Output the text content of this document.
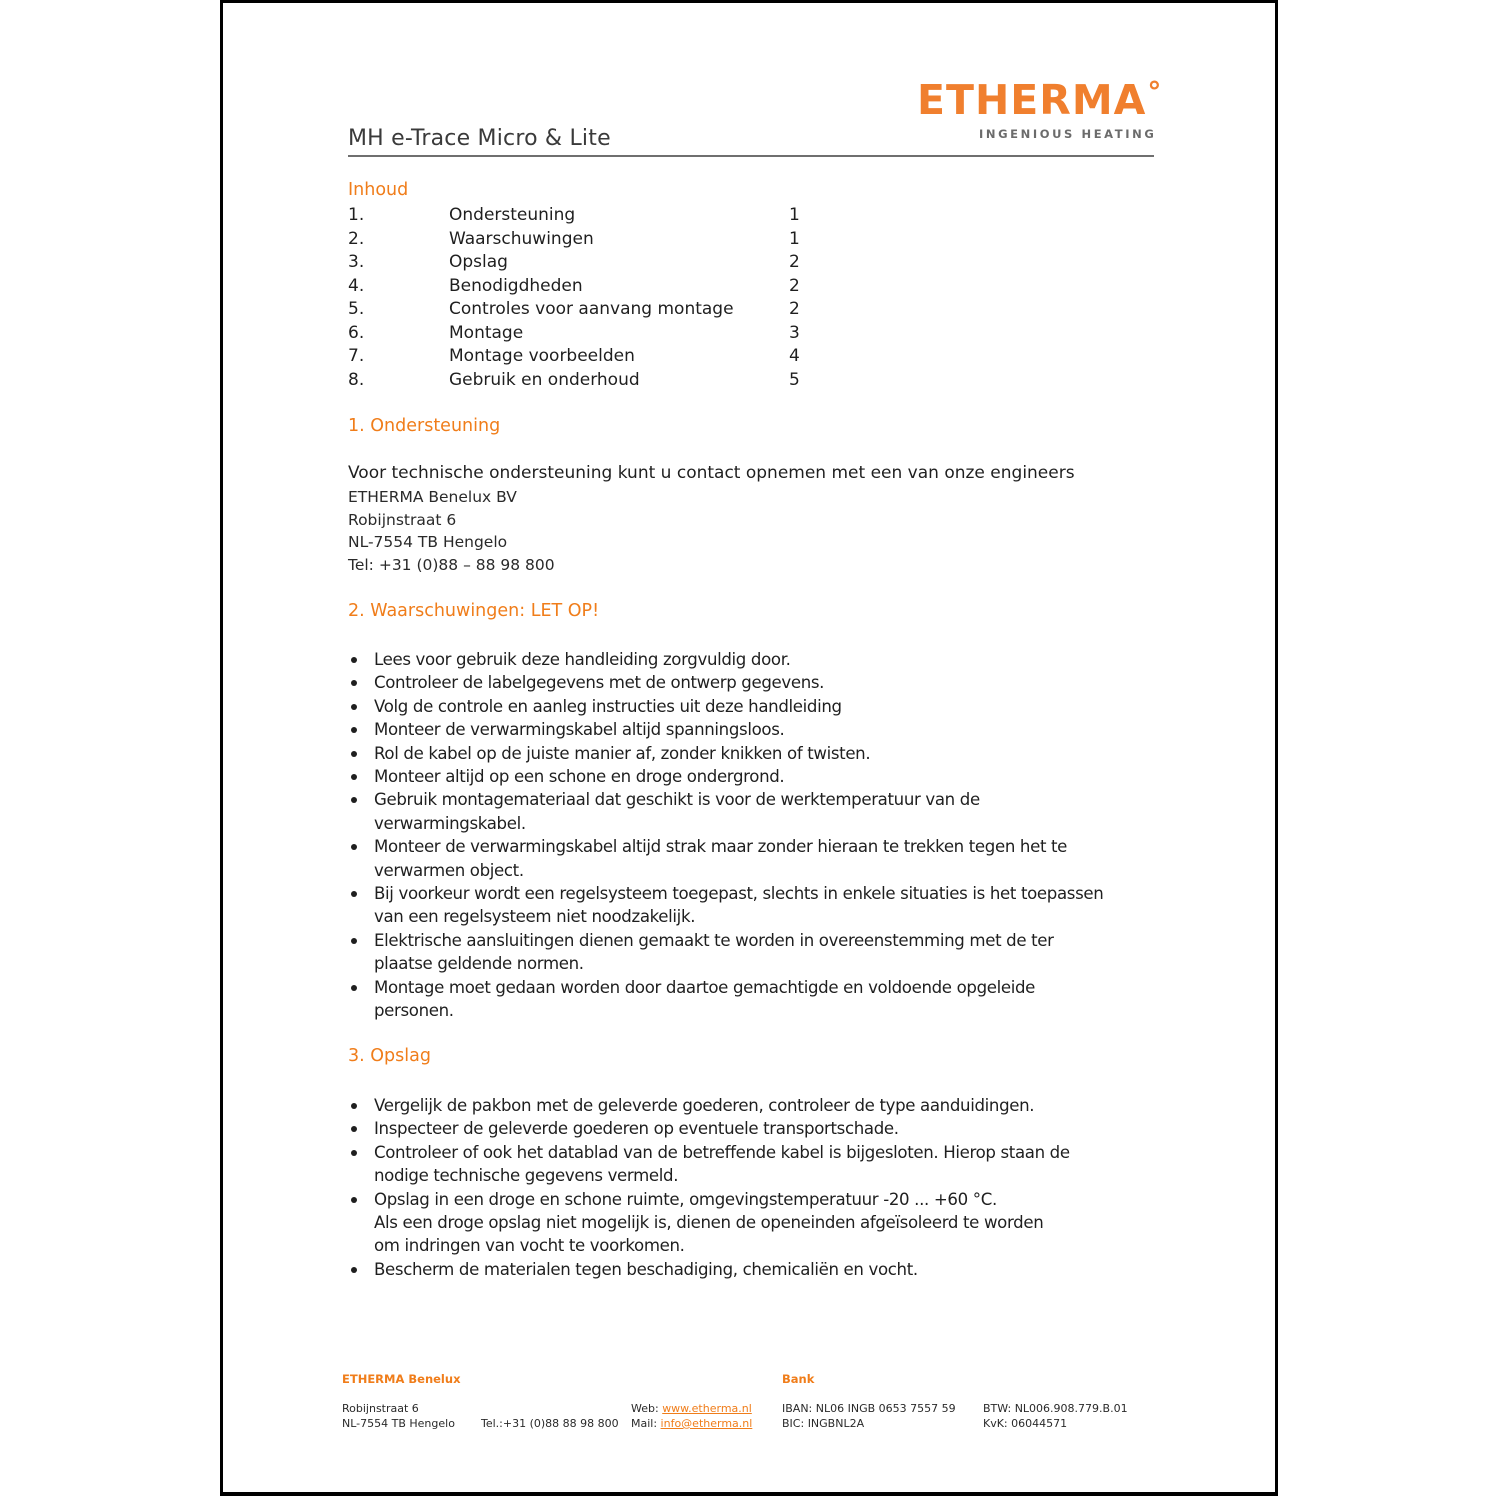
ETHERMA°
INGENIOUS HEATING
MH e-Trace Micro & Lite
Inhoud
1.	Ondersteuning	1
2.	Waarschuwingen	1
3.	Opslag	2
4.	Benodigdheden	2
5.	Controles voor aanvang montage	2
6.	Montage	3
7.	Montage voorbeelden	4
8.	Gebruik en onderhoud	5
1. Ondersteuning
Voor technische ondersteuning kunt u contact opnemen met een van onze engineers
ETHERMA Benelux BV
Robijnstraat 6
NL-7554 TB Hengelo
Tel: +31 (0)88 – 88 98 800
2. Waarschuwingen: LET OP!
Lees voor gebruik deze handleiding zorgvuldig door.
Controleer de labelgegevens met de ontwerp gegevens.
Volg de controle en aanleg instructies uit deze handleiding
Monteer de verwarmingskabel altijd spanningsloos.
Rol de kabel op de juiste manier af, zonder knikken of twisten.
Monteer altijd op een schone en droge ondergrond.
Gebruik montagemateriaal dat geschikt is voor de werktemperatuur van de
verwarmingskabel.
Monteer de verwarmingskabel altijd strak maar zonder hieraan te trekken tegen het te
verwarmen object.
Bij voorkeur wordt een regelsysteem toegepast, slechts in enkele situaties is het toepassen
van een regelsysteem niet noodzakelijk.
Elektrische aansluitingen dienen gemaakt te worden in overeenstemming met de ter
plaatse geldende normen.
Montage moet gedaan worden door daartoe gemachtigde en voldoende opgeleide
personen.
3. Opslag
Vergelijk de pakbon met de geleverde goederen, controleer de type aanduidingen.
Inspecteer de geleverde goederen op eventuele transportschade.
Controleer of ook het datablad van de betreffende kabel is bijgesloten. Hierop staan de
nodige technische gegevens vermeld.
Opslag in een droge en schone ruimte, omgevingstemperatuur -20 ... +60 °C.
Als een droge opslag niet mogelijk is, dienen de openeinden afgeïsoleerd te worden
om indringen van vocht te voorkomen.
Bescherm de materialen tegen beschadiging, chemicaliën en vocht.
ETHERMA Benelux	Bank
Robijnstraat 6
NL-7554 TB Hengelo Tel.:+31 (0)88 88 98 800
Web: www.etherma.nl
Mail: info@etherma.nl
IBAN: NL06 INGB 0653 7557 59
BIC: INGBNL2A
BTW: NL006.908.779.B.01
KvK: 06044571
